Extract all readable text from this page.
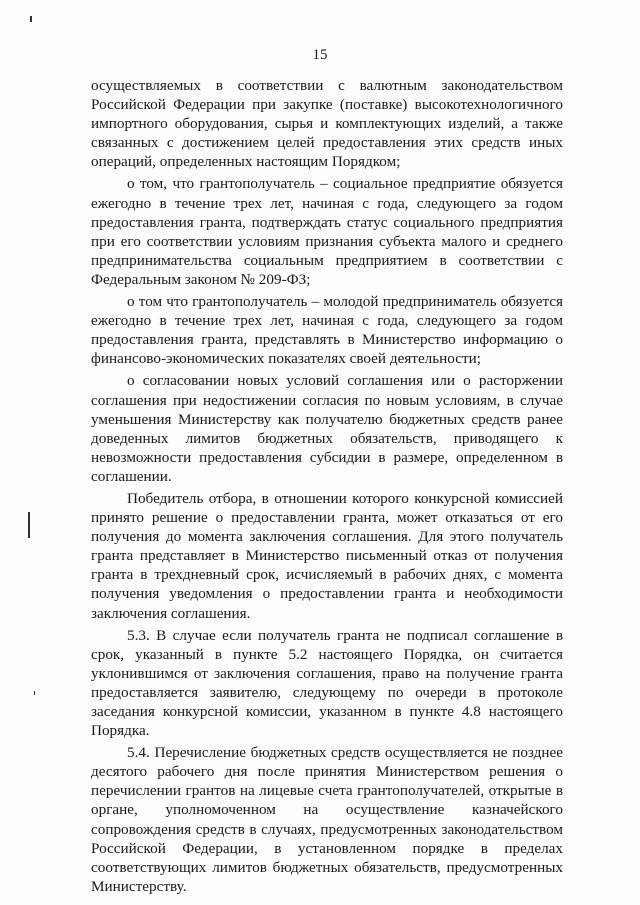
15

осуществляемых в соответствии с валютным законодательством Российской Федерации при закупке (поставке) высокотехнологичного импортного оборудования, сырья и комплектующих изделий, а также связанных с достижением целей предоставления этих средств иных операций, определенных настоящим Порядком;

о том, что грантополучатель – социальное предприятие обязуется ежегодно в течение трех лет, начиная с года, следующего за годом предоставления гранта, подтверждать статус социального предприятия при его соответствии условиям признания субъекта малого и среднего предпринимательства социальным предприятием в соответствии с Федеральным законом № 209-ФЗ;

о том что грантополучатель – молодой предприниматель обязуется ежегодно в течение трех лет, начиная с года, следующего за годом предоставления гранта, представлять в Министерство информацию о финансово-экономических показателях своей деятельности;

о согласовании новых условий соглашения или о расторжении соглашения при недостижении согласия по новым условиям, в случае уменьшения Министерству как получателю бюджетных средств ранее доведенных лимитов бюджетных обязательств, приводящего к невозможности предоставления субсидии в размере, определенном в соглашении.

Победитель отбора, в отношении которого конкурсной комиссией принято решение о предоставлении гранта, может отказаться от его получения до момента заключения соглашения. Для этого получатель гранта представляет в Министерство письменный отказ от получения гранта в трехдневный срок, исчисляемый в рабочих днях, с момента получения уведомления о предоставлении гранта и необходимости заключения соглашения.

5.3. В случае если получатель гранта не подписал соглашение в срок, указанный в пункте 5.2 настоящего Порядка, он считается уклонившимся от заключения соглашения, право на получение гранта предоставляется заявителю, следующему по очереди в протоколе заседания конкурсной комиссии, указанном в пункте 4.8 настоящего Порядка.

5.4. Перечисление бюджетных средств осуществляется не позднее десятого рабочего дня после принятия Министерством решения о перечислении грантов на лицевые счета грантополучателей, открытые в органе, уполномоченном на осуществление казначейского сопровождения средств в случаях, предусмотренных законодательством Российской Федерации, в установленном порядке в пределах соответствующих лимитов бюджетных обязательств, предусмотренных Министерству.
